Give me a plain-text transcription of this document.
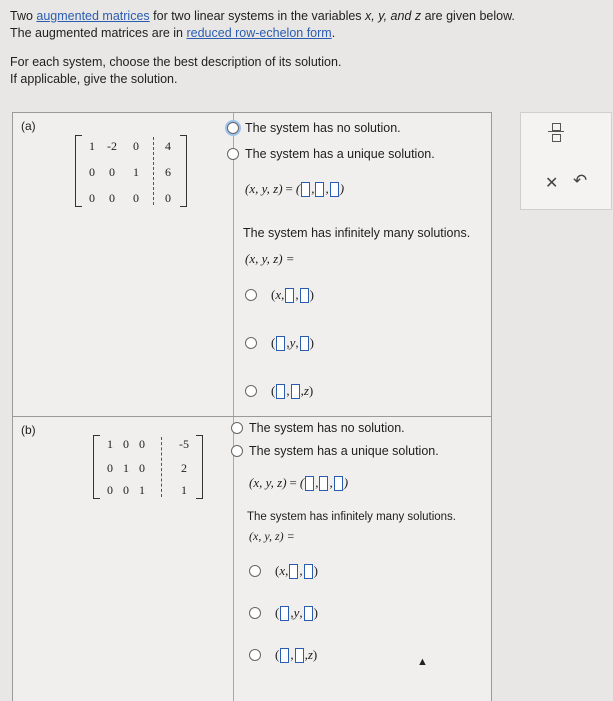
Two augmented matrices for two linear systems in the variables x, y, and z are given below.

The augmented matrices are in reduced row-echelon form.

For each system, choose the best description of its solution.

If applicable, give the solution.

(a)
1	-2	0	4
0	0	1	6
0	0	0	0
The system has no solution.
The system has a unique solution.
(x, y, z) = ( , , )
The system has infinitely many solutions.
(x, y, z) =
( x , , )
( , y , )
( , , z )
(b)
1 0 0	-5
0 1 0	2
0 0 1	1
The system has no solution.
The system has a unique solution.
(x, y, z) = ( , , )
The system has infinitely many solutions.
(x, y, z) =
( x , , )
( , y , )
( , , z )
✕ ↶
▲
